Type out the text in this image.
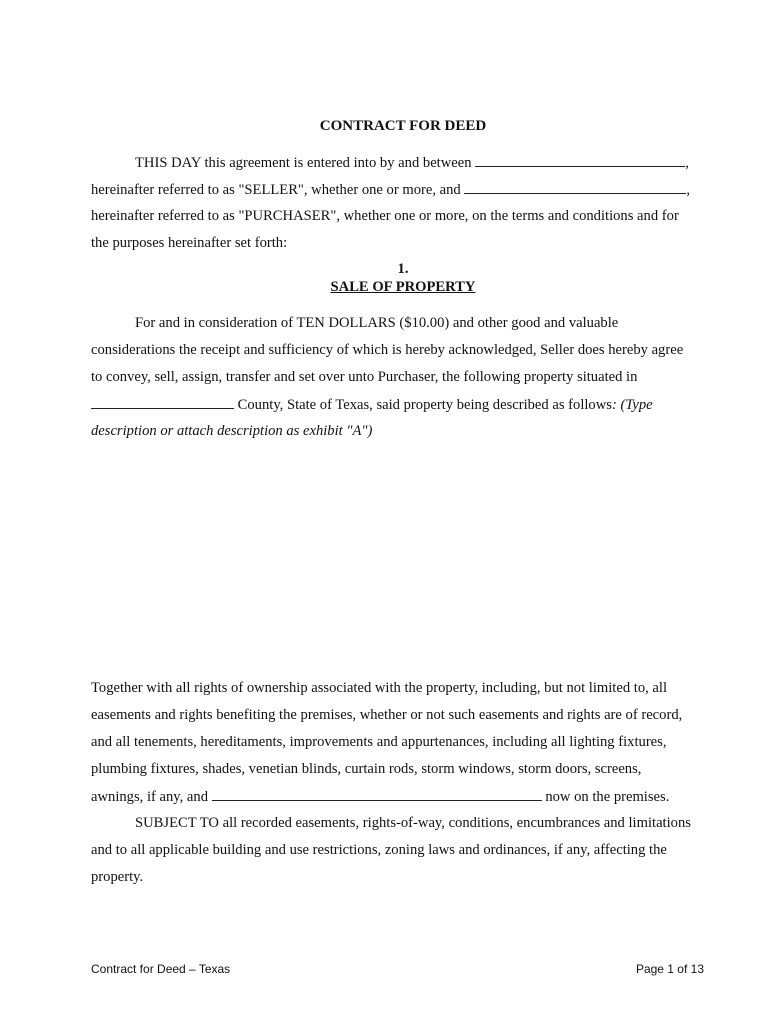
CONTRACT FOR DEED
THIS DAY this agreement is entered into by and between	,
hereinafter referred to as "SELLER", whether one or more, and	,
hereinafter referred to as "PURCHASER", whether one or more, on the terms and conditions and for
the purposes hereinafter set forth:
1.
SALE OF PROPERTY
For and in consideration of TEN DOLLARS ($10.00) and other good and valuable
considerations the receipt and sufficiency of which is hereby acknowledged, Seller does hereby agree
to convey, sell, assign, transfer and set over unto Purchaser, the following property situated in
County, State of Texas, said property being described as follows: (Type
description or attach description as exhibit "A")
Together with all rights of ownership associated with the property, including, but not limited to, all
easements and rights benefiting the premises, whether or not such easements and rights are of record,
and all tenements, hereditaments, improvements and appurtenances, including all lighting fixtures,
plumbing fixtures, shades, venetian blinds, curtain rods, storm windows, storm doors, screens,
awnings, if any, and	now on the premises.
SUBJECT TO all recorded easements, rights-of-way, conditions, encumbrances and limitations
and to all applicable building and use restrictions, zoning laws and ordinances, if any, affecting the
property.
Contract for Deed – Texas	Page 1 of 13
